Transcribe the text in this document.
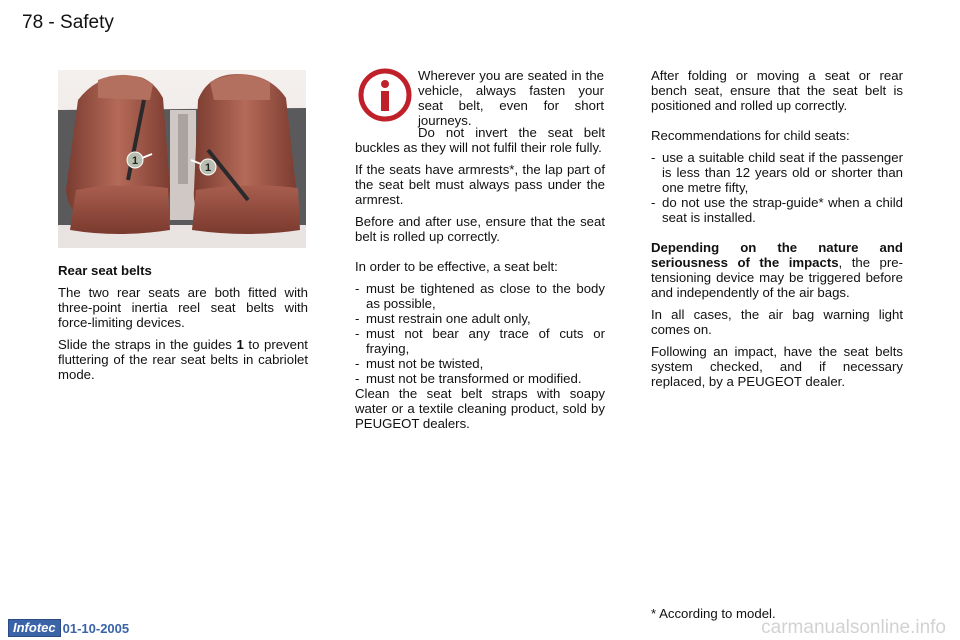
78 - Safety
1
1

Rear seat belts

The two rear seats are both fitted with three-point inertia reel seat belts with force-limiting devices.

Slide the straps in the guides 1 to prevent fluttering of the rear seat belts in cabriolet mode.

Wherever you are seated in the vehicle, always fasten your seat belt, even for short journeys.

Do not invert the seat belt buckles as they will not fulfil their role fully.

If the seats have armrests*, the lap part of the seat belt must always pass under the armrest.

Before and after use, ensure that the seat belt is rolled up correctly.

In order to be effective, a seat belt:

- must be tightened as close to the body as possible,
- must restrain one adult only,
- must not bear any trace of cuts or fraying,
- must not be twisted,
- must not be transformed or modified.

Clean the seat belt straps with soapy water or a textile cleaning product, sold by PEUGEOT dealers.

After folding or moving a seat or rear bench seat, ensure that the seat belt is positioned and rolled up correctly.

Recommendations for child seats:

- use a suitable child seat if the passenger is less than 12 years old or shorter than one metre fifty,
- do not use the strap-guide* when a child seat is installed.

Depending on the nature and seriousness of the impacts, the pre-tensioning device may be triggered before and independently of the air bags.

In all cases, the air bag warning light comes on.

Following an impact, have the seat belts system checked, and if necessary replaced, by a PEUGEOT dealer.

* According to model.
Infotec 01-10-2005	carmanualsonline.info
